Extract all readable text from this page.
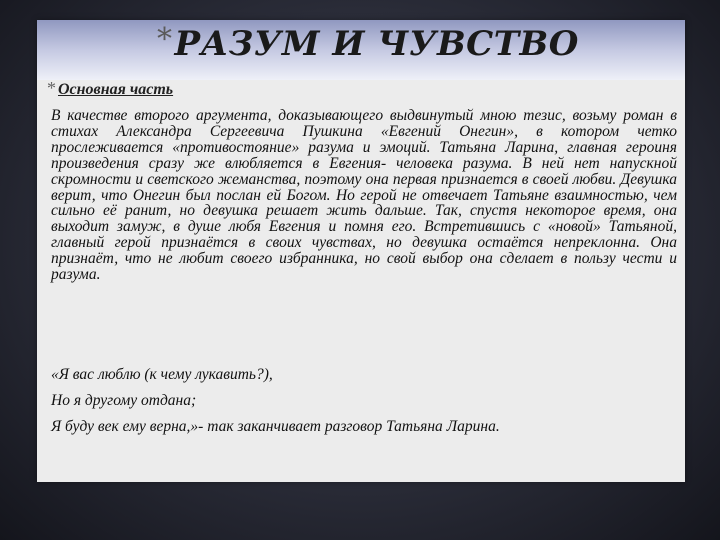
*РАЗУМ И ЧУВСТВО
* Основная часть
В качестве второго аргумента, доказывающего выдвинутый мною тезис, возьму роман в стихах Александра Сергеевича Пушкина «Евгений Онегин», в котором четко прослеживается «противостояние» разума и эмоций. Татьяна Ларина, главная героиня произведения сразу же влюбляется в Евгения- человека разума. В ней нет напускной скромности и светского жеманства, поэтому она первая признается в своей любви. Девушка верит, что Онегин был послан ей Богом. Но герой не отвечает Татьяне взаимностью, чем сильно её ранит, но девушка решает жить дальше. Так, спустя некоторое время, она выходит замуж, в душе любя Евгения и помня его. Встретившись с «новой» Татьяной, главный герой признаётся в своих чувствах, но девушка остаётся непреклонна. Она признаёт, что не любит своего избранника, но свой выбор она сделает в пользу чести и разума.
«Я вас люблю (к чему лукавить?),
Но я другому отдана;
Я буду век ему верна,»- так заканчивает разговор Татьяна Ларина.
